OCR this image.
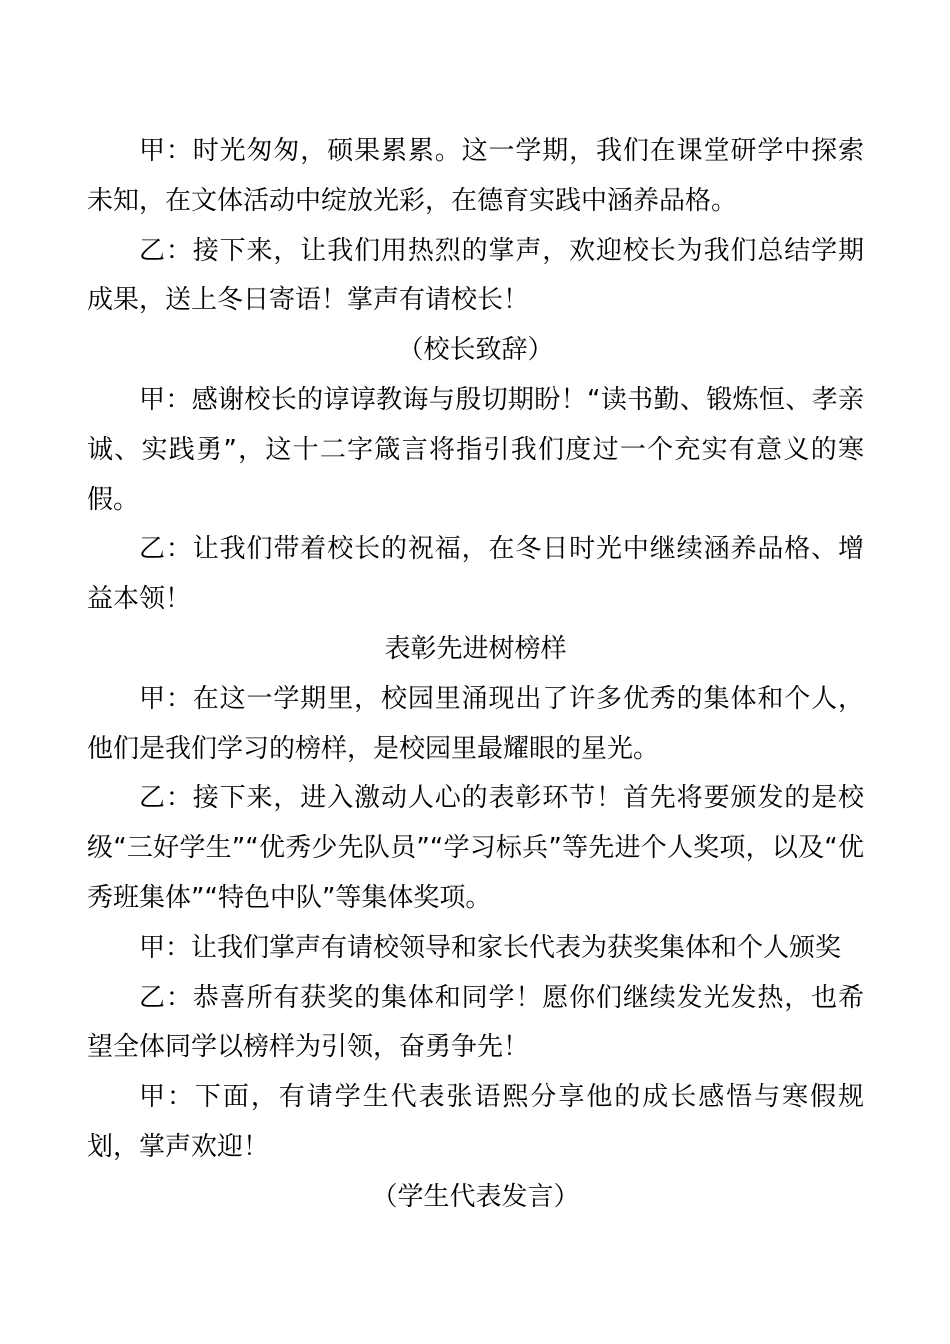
甲：时光匆匆，硕果累累。这一学期，我们在课堂研学中探索未知，在文体活动中绽放光彩，在德育实践中涵养品格。

乙：接下来，让我们用热烈的掌声，欢迎校长为我们总结学期成果，送上冬日寄语！掌声有请校长！

（校长致辞）

甲：感谢校长的谆谆教诲与殷切期盼！“读书勤、锻炼恒、孝亲诚、实践勇”，这十二字箴言将指引我们度过一个充实有意义的寒假。

乙：让我们带着校长的祝福，在冬日时光中继续涵养品格、增益本领！

表彰先进树榜样

甲：在这一学期里，校园里涌现出了许多优秀的集体和个人，他们是我们学习的榜样，是校园里最耀眼的星光。

乙：接下来，进入激动人心的表彰环节！首先将要颁发的是校级“三好学生”“优秀少先队员”“学习标兵”等先进个人奖项，以及“优秀班集体”“特色中队”等集体奖项。

甲：让我们掌声有请校领导和家长代表为获奖集体和个人颁奖

乙：恭喜所有获奖的集体和同学！愿你们继续发光发热，也希望全体同学以榜样为引领，奋勇争先！

甲：下面，有请学生代表张语熙分享他的成长感悟与寒假规划，掌声欢迎！

（学生代表发言）
